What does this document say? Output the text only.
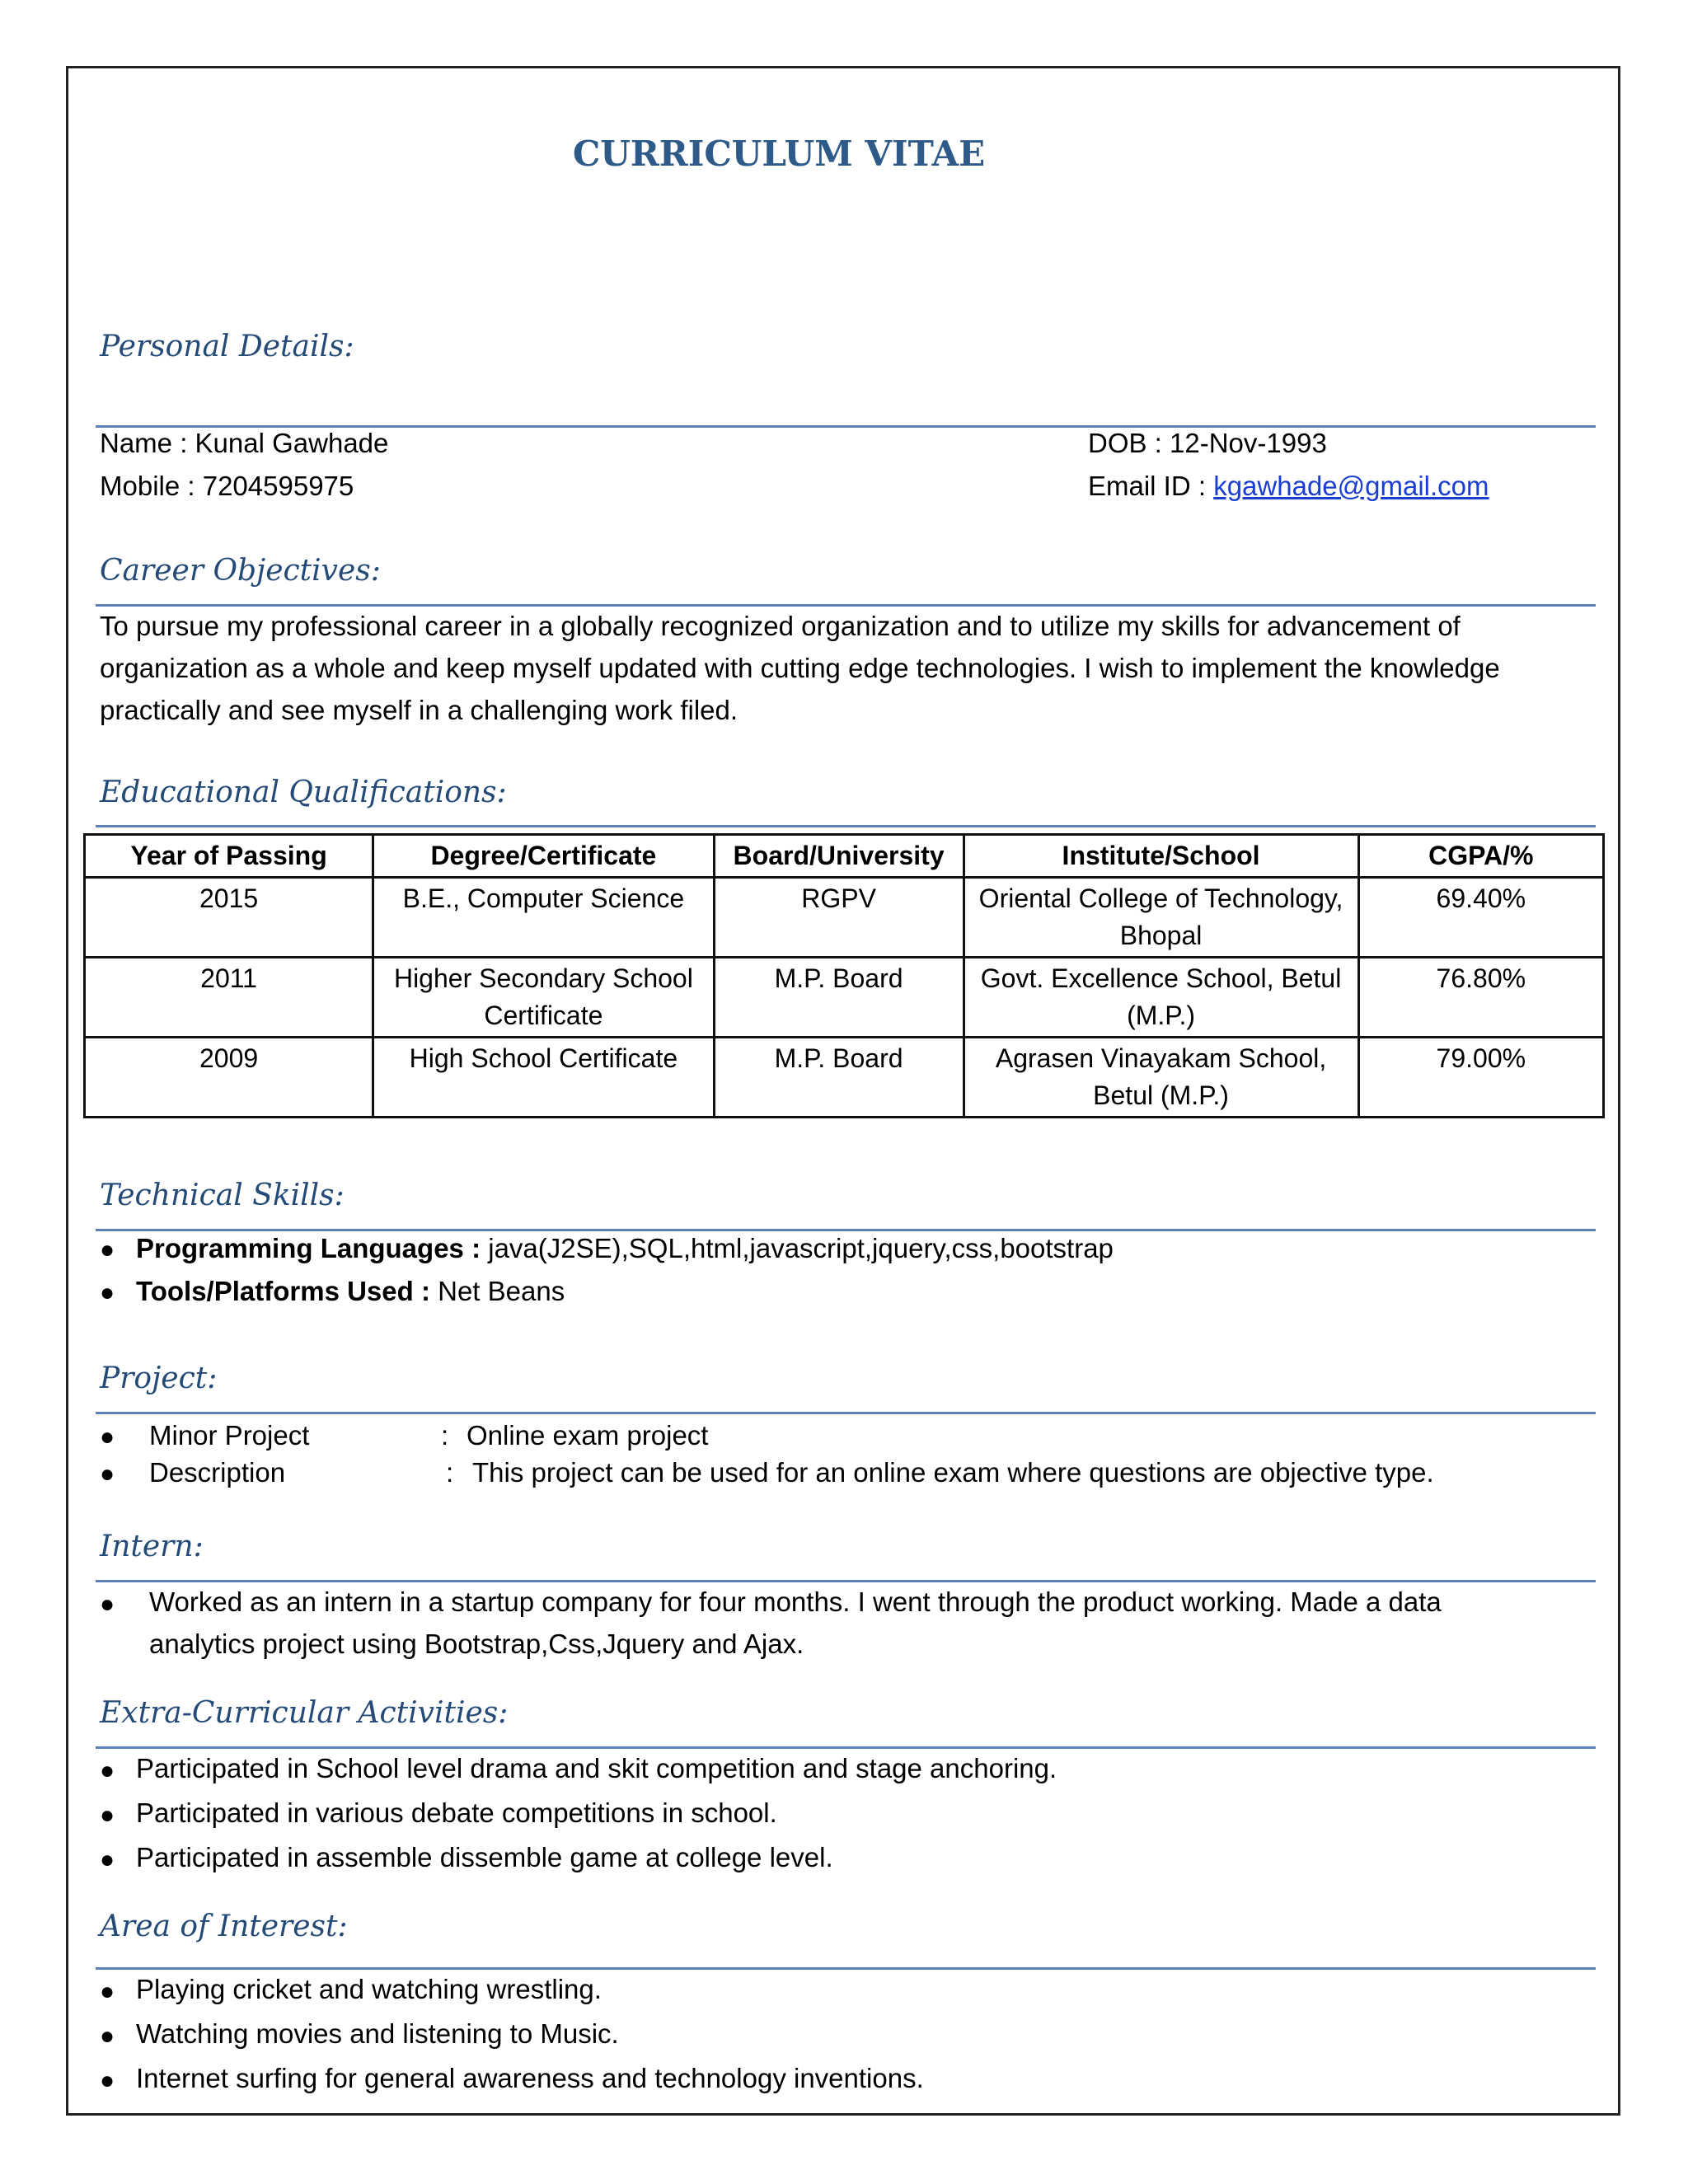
CURRICULUM VITAE
Personal Details:
Name : Kunal Gawhade	DOB : 12-Nov-1993
Mobile : 7204595975	Email ID : kgawhade@gmail.com
Career Objectives:
To pursue my professional career in a globally recognized organization and to utilize my skills for advancement of organization as a whole and keep myself updated with cutting edge technologies. I wish to implement the knowledge practically and see myself in a challenging work filed.
Educational Qualifications:
Year of Passing	Degree/Certificate	Board/University	Institute/School	CGPA/%
2015	B.E., Computer Science	RGPV	Oriental College of Technology, Bhopal	69.40%
2011	Higher Secondary School Certificate	M.P. Board	Govt. Excellence School, Betul (M.P.)	76.80%
2009	High School Certificate	M.P. Board	Agrasen Vinayakam School, Betul (M.P.)	79.00%
Technical Skills:
● Programming Languages : java(J2SE),SQL,html,javascript,jquery,css,bootstrap
● Tools/Platforms Used : Net Beans
Project:
● Minor Project	: Online exam project
● Description	: This project can be used for an online exam where questions are objective type.
Intern:
● Worked as an intern in a startup company for four months. I went through the product working. Made a data
analytics project using Bootstrap,Css,Jquery and Ajax.
Extra-Curricular Activities:
● Participated in School level drama and skit competition and stage anchoring.
● Participated in various debate competitions in school.
● Participated in assemble dissemble game at college level.
Area of Interest:
● Playing cricket and watching wrestling.
● Watching movies and listening to Music.
● Internet surfing for general awareness and technology inventions.
